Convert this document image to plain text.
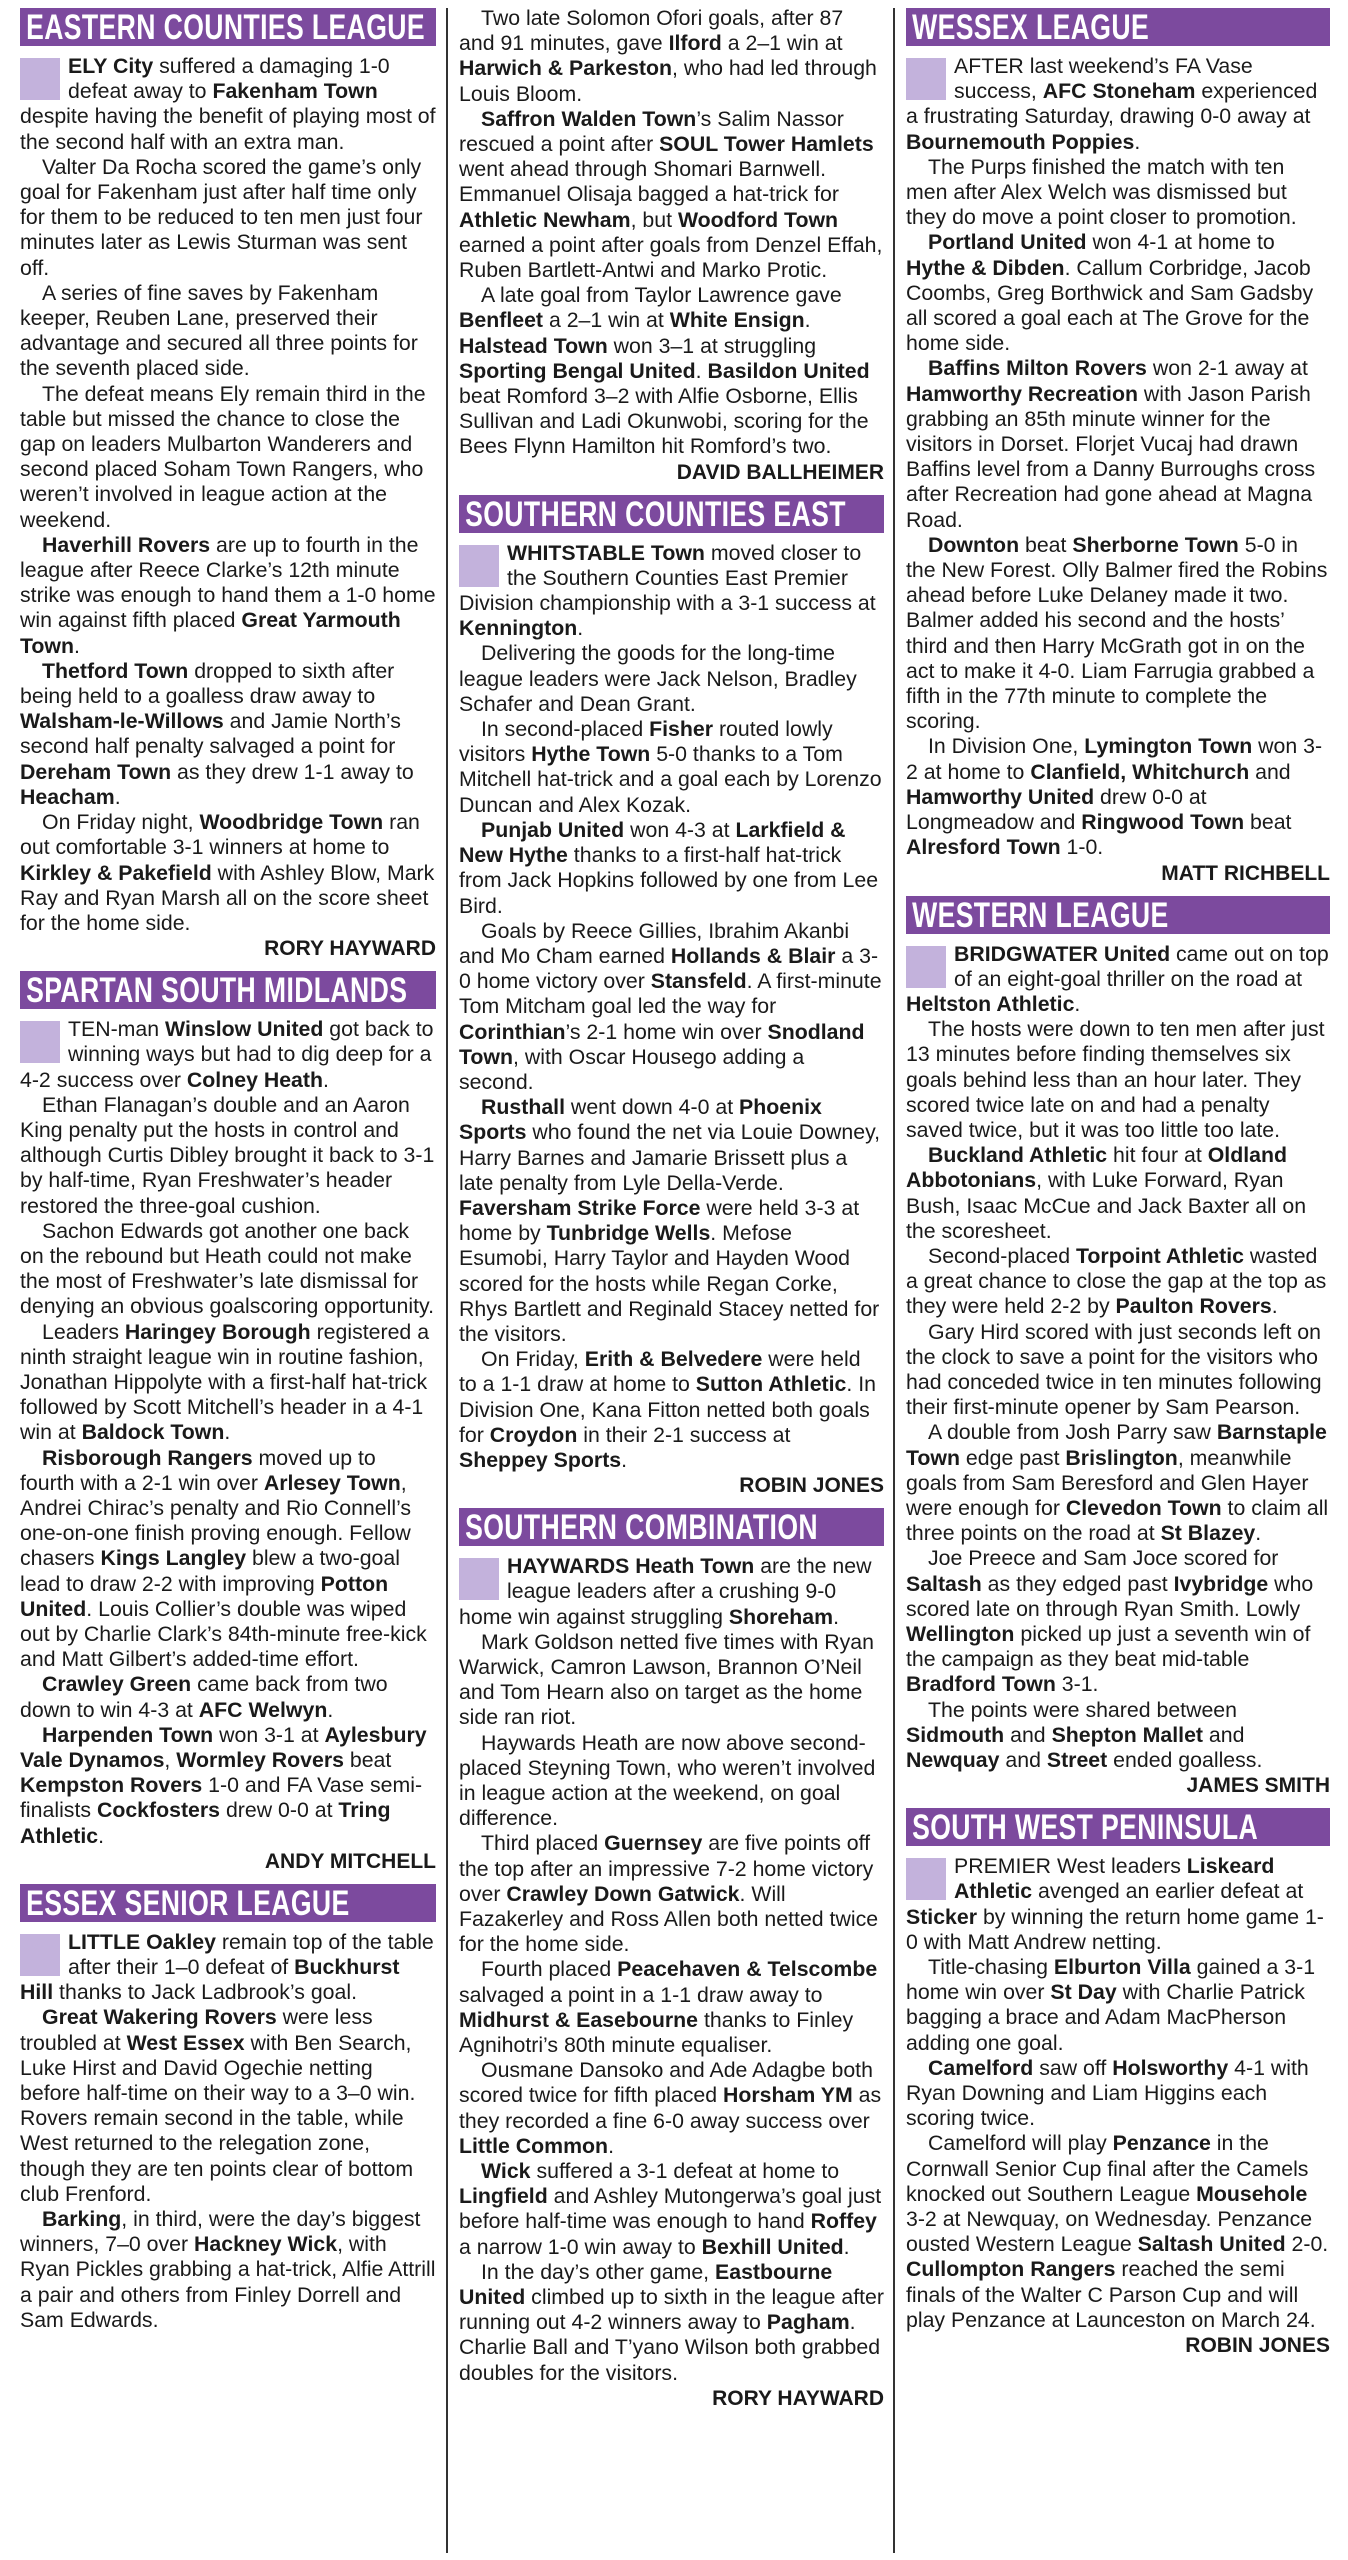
EASTERN COUNTIES LEAGUE

ELY City suffered a damaging 1-0 defeat away to Fakenham Town despite having the benefit of playing most of the second half with an extra man.

Valter Da Rocha scored the game’s only goal for Fakenham just after half time only for them to be reduced to ten men just four minutes later as Lewis Sturman was sent off.

A series of fine saves by Fakenham keeper, Reuben Lane, preserved their advantage and secured all three points for the seventh placed side.

The defeat means Ely remain third in the table but missed the chance to close the gap on leaders Mulbarton Wanderers and second placed Soham Town Rangers, who weren’t involved in league action at the weekend.

Haverhill Rovers are up to fourth in the league after Reece Clarke’s 12th minute strike was enough to hand them a 1-0 home win against fifth placed Great Yarmouth Town.

Thetford Town dropped to sixth after being held to a goalless draw away to Walsham-le-Willows and Jamie North’s second half penalty salvaged a point for Dereham Town as they drew 1-1 away to Heacham.

On Friday night, Woodbridge Town ran out comfortable 3-1 winners at home to Kirkley & Pakefield with Ashley Blow, Mark Ray and Ryan Marsh all on the score sheet for the home side.

RORY HAYWARD
SPARTAN SOUTH MIDLANDS

TEN-man Winslow United got back to winning ways but had to dig deep for a 4-2 success over Colney Heath.

Ethan Flanagan’s double and an Aaron King penalty put the hosts in control and although Curtis Dibley brought it back to 3-1 by half-time, Ryan Freshwater’s header restored the three-goal cushion.

Sachon Edwards got another one back on the rebound but Heath could not make the most of Freshwater’s late dismissal for denying an obvious goalscoring opportunity.

Leaders Haringey Borough registered a ninth straight league win in routine fashion, Jonathan Hippolyte with a first-half hat-trick followed by Scott Mitchell’s header in a 4-1 win at Baldock Town.

Risborough Rangers moved up to fourth with a 2-1 win over Arlesey Town, Andrei Chirac’s penalty and Rio Connell’s one-on-one finish proving enough. Fellow chasers Kings Langley blew a two-goal lead to draw 2-2 with improving Potton United. Louis Collier’s double was wiped out by Charlie Clark’s 84th-minute free-kick and Matt Gilbert’s added-time effort.

Crawley Green came back from two down to win 4-3 at AFC Welwyn.

Harpenden Town won 3-1 at Aylesbury Vale Dynamos, Wormley Rovers beat Kempston Rovers 1-0 and FA Vase semi-finalists Cockfosters drew 0-0 at Tring Athletic.

ANDY MITCHELL
ESSEX SENIOR LEAGUE

LITTLE Oakley remain top of the table after their 1–0 defeat of Buckhurst Hill thanks to Jack Ladbrook’s goal.

Great Wakering Rovers were less troubled at West Essex with Ben Search, Luke Hirst and David Ogechie netting before half-time on their way to a 3–0 win. Rovers remain second in the table, while West returned to the relegation zone, though they are ten points clear of bottom club Frenford.

Barking, in third, were the day’s biggest winners, 7–0 over Hackney Wick, with Ryan Pickles grabbing a hat-trick, Alfie Attrill a pair and others from Finley Dorrell and Sam Edwards.

Two late Solomon Ofori goals, after 87 and 91 minutes, gave Ilford a 2–1 win at Harwich & Parkeston, who had led through Louis Bloom.

Saffron Walden Town’s Salim Nassor rescued a point after SOUL Tower Hamlets went ahead through Shomari Barnwell. Emmanuel Olisaja bagged a hat-trick for Athletic Newham, but Woodford Town earned a point after goals from Denzel Effah, Ruben Bartlett-Antwi and Marko Protic.

A late goal from Taylor Lawrence gave Benfleet a 2–1 win at White Ensign. Halstead Town won 3–1 at struggling Sporting Bengal United. Basildon United beat Romford 3–2 with Alfie Osborne, Ellis Sullivan and Ladi Okunwobi, scoring for the Bees Flynn Hamilton hit Romford’s two.

DAVID BALLHEIMER
SOUTHERN COUNTIES EAST

WHITSTABLE Town moved closer to the Southern Counties East Premier Division championship with a 3-1 success at Kennington.

Delivering the goods for the long-time league leaders were Jack Nelson, Bradley Schafer and Dean Grant.

In second-placed Fisher routed lowly visitors Hythe Town 5-0 thanks to a Tom Mitchell hat-trick and a goal each by Lorenzo Duncan and Alex Kozak.

Punjab United won 4-3 at Larkfield & New Hythe thanks to a first-half hat-trick from Jack Hopkins followed by one from Lee Bird.

Goals by Reece Gillies, Ibrahim Akanbi and Mo Cham earned Hollands & Blair a 3-0 home victory over Stansfeld. A first-minute Tom Mitcham goal led the way for Corinthian’s 2-1 home win over Snodland Town, with Oscar Housego adding a second.

Rusthall went down 4-0 at Phoenix Sports who found the net via Louie Downey, Harry Barnes and Jamarie Brissett plus a late penalty from Lyle Della-Verde. Faversham Strike Force were held 3-3 at home by Tunbridge Wells. Mefose Esumobi, Harry Taylor and Hayden Wood scored for the hosts while Regan Corke, Rhys Bartlett and Reginald Stacey netted for the visitors.

On Friday, Erith & Belvedere were held to a 1-1 draw at home to Sutton Athletic. In Division One, Kana Fitton netted both goals for Croydon in their 2-1 success at Sheppey Sports.

ROBIN JONES
SOUTHERN COMBINATION

HAYWARDS Heath Town are the new league leaders after a crushing 9-0 home win against struggling Shoreham.

Mark Goldson netted five times with Ryan Warwick, Camron Lawson, Brannon O’Neil and Tom Hearn also on target as the home side ran riot.

Haywards Heath are now above second-placed Steyning Town, who weren’t involved in league action at the weekend, on goal difference.

Third placed Guernsey are five points off the top after an impressive 7-2 home victory over Crawley Down Gatwick. Will Fazakerley and Ross Allen both netted twice for the home side.

Fourth placed Peacehaven & Telscombe salvaged a point in a 1-1 draw away to Midhurst & Easebourne thanks to Finley Agnihotri’s 80th minute equaliser.

Ousmane Dansoko and Ade Adagbe both scored twice for fifth placed Horsham YM as they recorded a fine 6-0 away success over Little Common.

Wick suffered a 3-1 defeat at home to Lingfield and Ashley Mutongerwa’s goal just before half-time was enough to hand Roffey a narrow 1-0 win away to Bexhill United.

In the day’s other game, Eastbourne United climbed up to sixth in the league after running out 4-2 winners away to Pagham. Charlie Ball and T’yano Wilson both grabbed doubles for the visitors.

RORY HAYWARD
WESSEX LEAGUE

AFTER last weekend’s FA Vase success, AFC Stoneham experienced a frustrating Saturday, drawing 0-0 away at Bournemouth Poppies.

The Purps finished the match with ten men after Alex Welch was dismissed but they do move a point closer to promotion.

Portland United won 4-1 at home to Hythe & Dibden. Callum Corbridge, Jacob Coombs, Greg Borthwick and Sam Gadsby all scored a goal each at The Grove for the home side.

Baffins Milton Rovers won 2-1 away at Hamworthy Recreation with Jason Parish grabbing an 85th minute winner for the visitors in Dorset. Florjet Vucaj had drawn Baffins level from a Danny Burroughs cross after Recreation had gone ahead at Magna Road.

Downton beat Sherborne Town 5-0 in the New Forest. Olly Balmer fired the Robins ahead before Luke Delaney made it two. Balmer added his second and the hosts’ third and then Harry McGrath got in on the act to make it 4-0. Liam Farrugia grabbed a fifth in the 77th minute to complete the scoring.

In Division One, Lymington Town won 3-2 at home to Clanfield, Whitchurch and Hamworthy United drew 0-0 at Longmeadow and Ringwood Town beat Alresford Town 1-0.

MATT RICHBELL
WESTERN LEAGUE

BRIDGWATER United came out on top of an eight-goal thriller on the road at Heltston Athletic.

The hosts were down to ten men after just 13 minutes before finding themselves six goals behind less than an hour later. They scored twice late on and had a penalty saved twice, but it was too little too late.

Buckland Athletic hit four at Oldland Abbotonians, with Luke Forward, Ryan Bush, Isaac McCue and Jack Baxter all on the scoresheet.

Second-placed Torpoint Athletic wasted a great chance to close the gap at the top as they were held 2-2 by Paulton Rovers.

Gary Hird scored with just seconds left on the clock to save a point for the visitors who had conceded twice in ten minutes following their first-minute opener by Sam Pearson.

A double from Josh Parry saw Barnstaple Town edge past Brislington, meanwhile goals from Sam Beresford and Glen Hayer were enough for Clevedon Town to claim all three points on the road at St Blazey.

Joe Preece and Sam Joce scored for Saltash as they edged past Ivybridge who scored late on through Ryan Smith. Lowly Wellington picked up just a seventh win of the campaign as they beat mid-table Bradford Town 3-1.

The points were shared between Sidmouth and Shepton Mallet and Newquay and Street ended goalless.

JAMES SMITH
SOUTH WEST PENINSULA

PREMIER West leaders Liskeard Athletic avenged an earlier defeat at Sticker by winning the return home game 1-0 with Matt Andrew netting.

Title-chasing Elburton Villa gained a 3-1 home win over St Day with Charlie Patrick bagging a brace and Adam MacPherson adding one goal.

Camelford saw off Holsworthy 4-1 with Ryan Downing and Liam Higgins each scoring twice.

Camelford will play Penzance in the Cornwall Senior Cup final after the Camels knocked out Southern League Mousehole 3-2 at Newquay, on Wednesday. Penzance ousted Western League Saltash United 2-0. Cullompton Rangers reached the semi finals of the Walter C Parson Cup and will play Penzance at Launceston on March 24.

ROBIN JONES
